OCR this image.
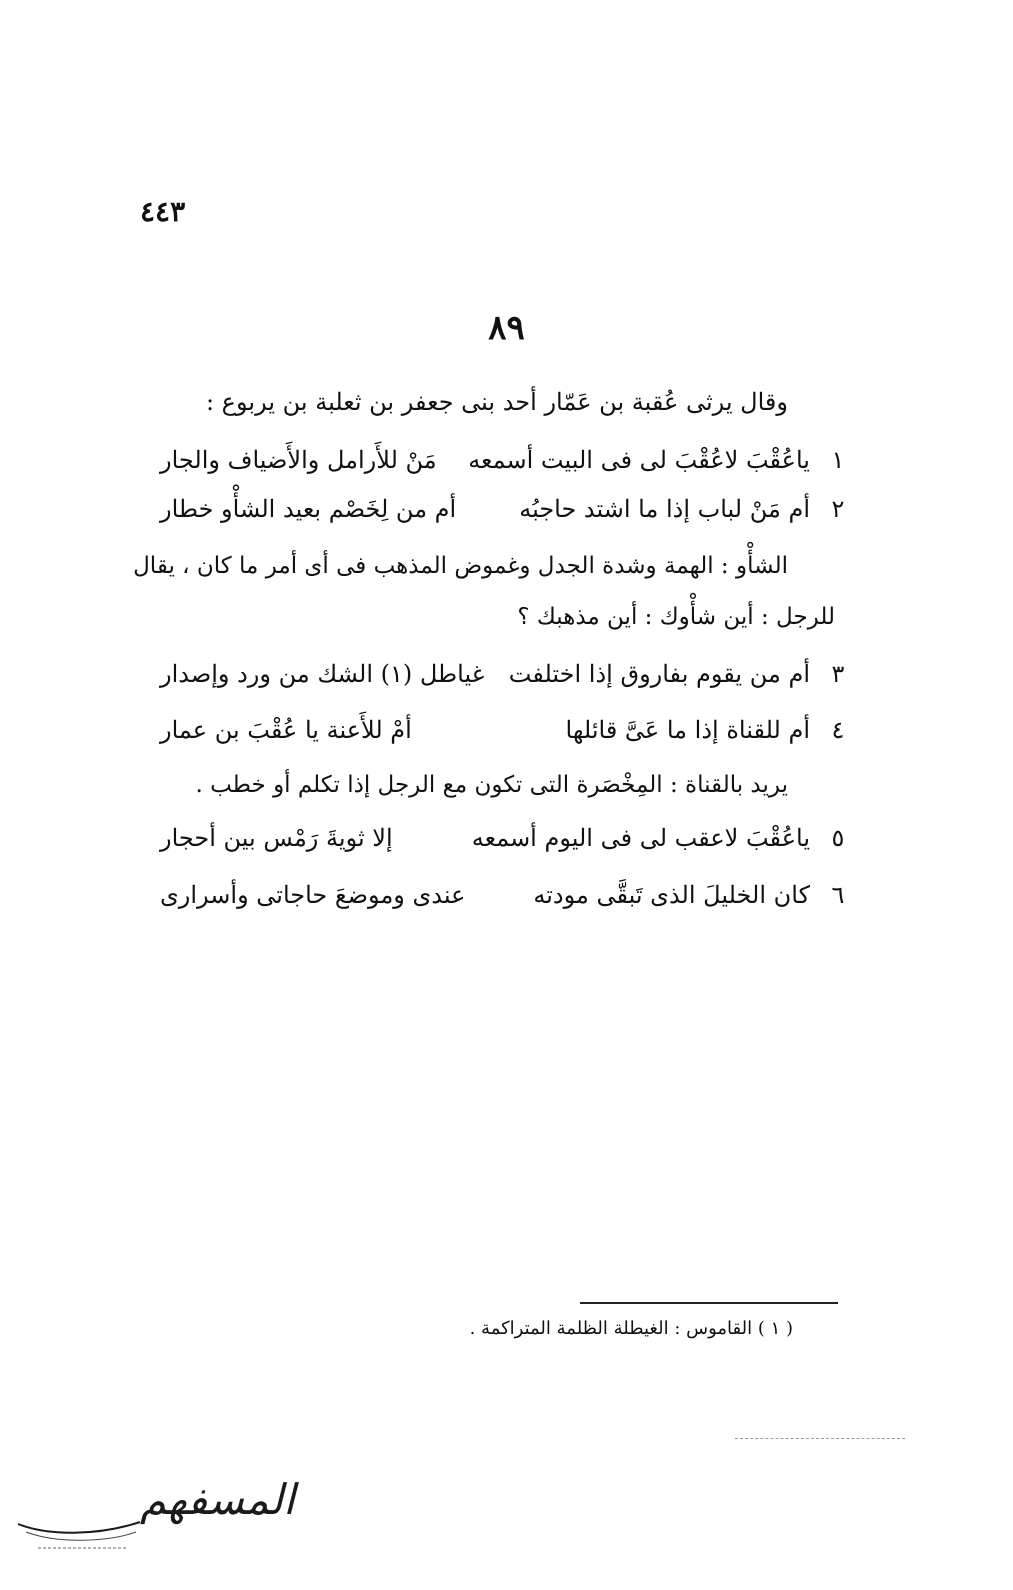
٤٤٣
٨٩
وقال يرثى عُقبة بن عَمّار أحد بنى جعفر بن ثعلبة بن يربوع :
١
ياعُقْبَ لاعُقْبَ لى فى البيت أسمعه
مَنْ للأَرامل والأَضياف والجار
٢
أم مَنْ لباب إذا ما اشتد حاجبُه
أم من لِخَصْم بعيد الشأْو خطار
الشأْو : الهمة وشدة الجدل وغموض المذهب فى أى أمر ما كان ، يقال
للرجل : أين شأْوك : أين مذهبك ؟
٣
أم من يقوم بفاروق إذا اختلفت
غياطل (١) الشك من ورد وإصدار
٤
أم للقناة إذا ما عَىَّ قائلها
أمْ للأَعنة يا عُقْبَ بن عمار
يريد بالقناة : المِخْصَرة التى تكون مع الرجل إذا تكلم أو خطب .
٥
ياعُقْبَ لاعقب لى فى اليوم أسمعه
إلا ثويةَ رَمْس بين أحجار
٦
كان الخليلَ الذى تَبقَّى مودته
عندى وموضعَ حاجاتى وأسرارى
( ١ ) القاموس : الغيطلة الظلمة المتراكمة .
المسفهم
